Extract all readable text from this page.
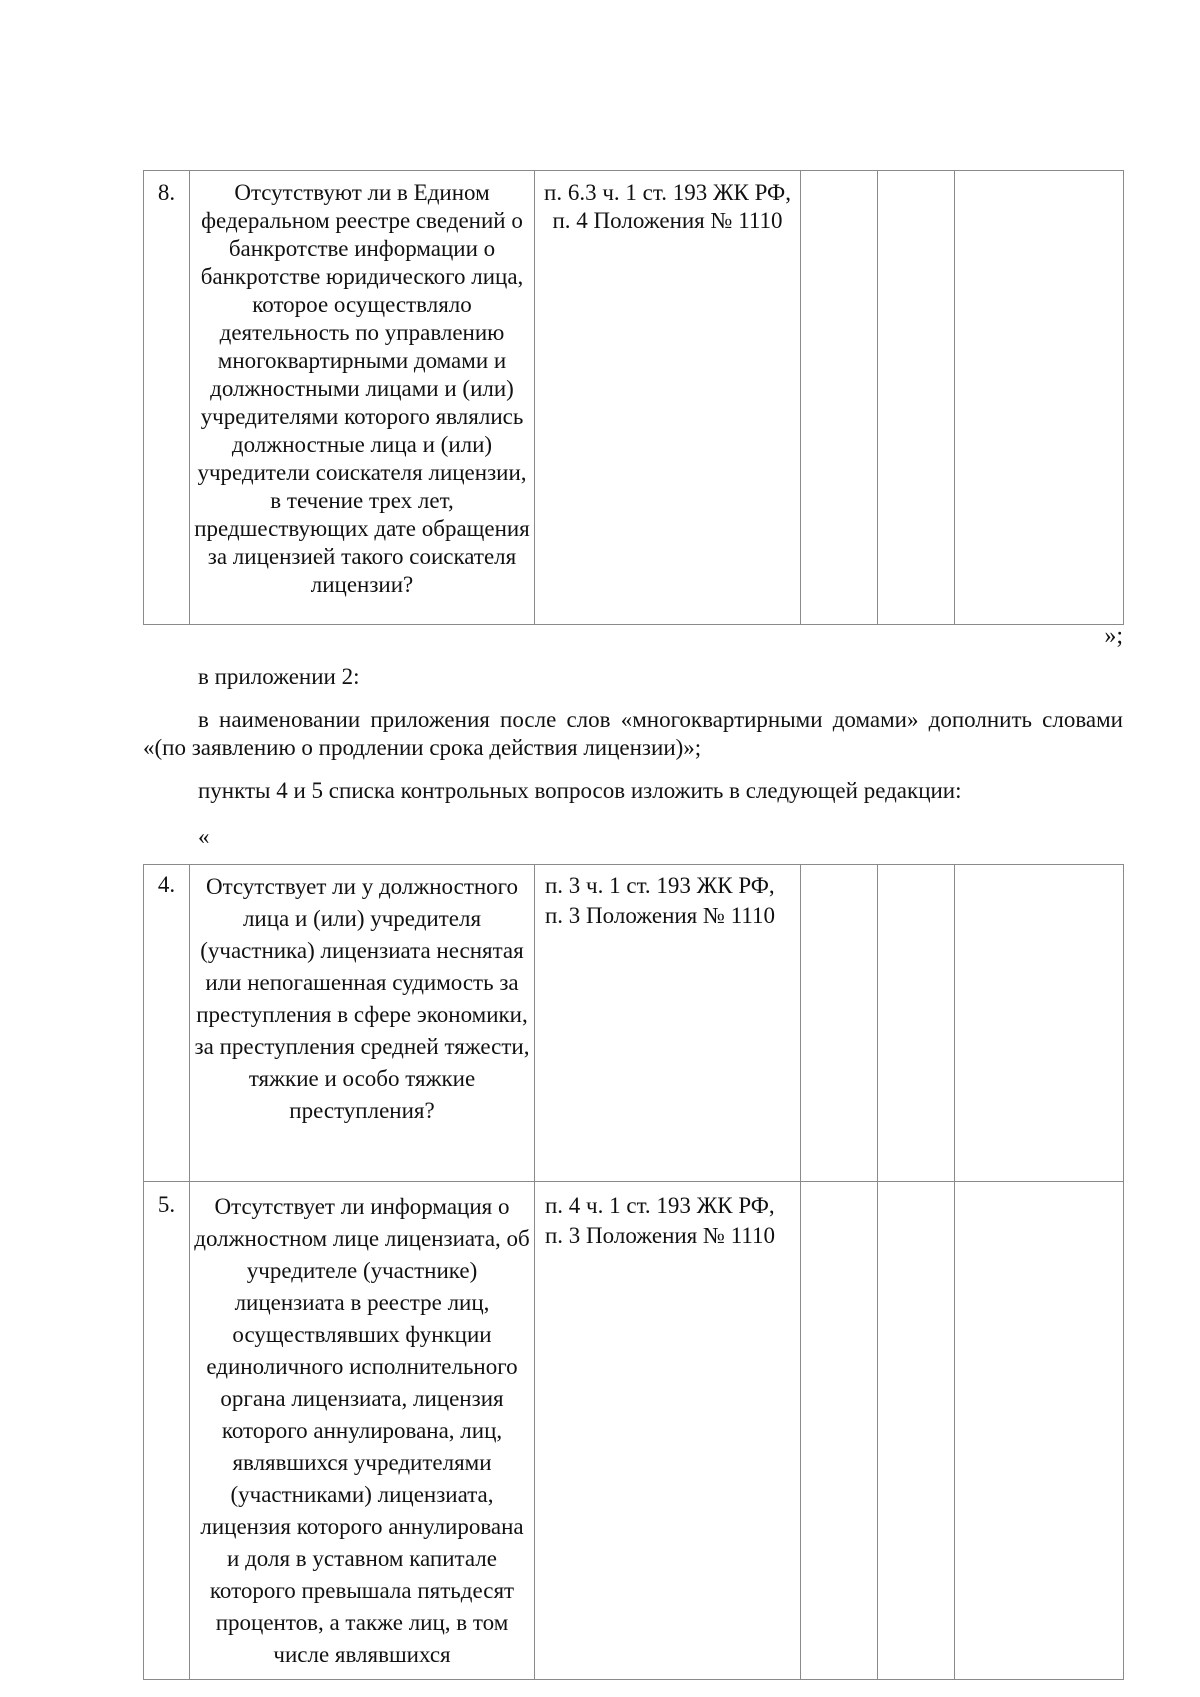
8.	Отсутствуют ли в Едином федеральном реестре сведений о банкротстве информации о банкротстве юридического лица, которое осуществляло деятельность по управлению многоквартирными домами и должностными лицами и (или) учредителями которого являлись должностные лица и (или) учредители соискателя лицензии, в течение трех лет, предшествующих дате обращения за лицензией такого соискателя лицензии?	п. 6.3 ч. 1 ст. 193 ЖК РФ, п. 4 Положения № 1110			
»;
в приложении 2:
в наименовании приложения после слов «многоквартирными домами» дополнить словами «(по заявлению о продлении срока действия лицензии)»;
пункты 4 и 5 списка контрольных вопросов изложить в следующей редакции:
«
4.	Отсутствует ли у должностного лица и (или) учредителя (участника) лицензиата неснятая или непогашенная судимость за преступления в сфере экономики, за преступления средней тяжести, тяжкие и особо тяжкие преступления?	п. 3 ч. 1 ст. 193 ЖК РФ, п. 3 Положения № 1110			
5.	Отсутствует ли информация о должностном лице лицензиата, об учредителе (участнике) лицензиата в реестре лиц, осуществлявших функции единоличного исполнительного органа лицензиата, лицензия которого аннулирована, лиц, являвшихся учредителями (участниками) лицензиата, лицензия которого аннулирована и доля в уставном капитале которого превышала пятьдесят процентов, а также лиц, в том числе являвшихся	п. 4 ч. 1 ст. 193 ЖК РФ, п. 3 Положения № 1110			
